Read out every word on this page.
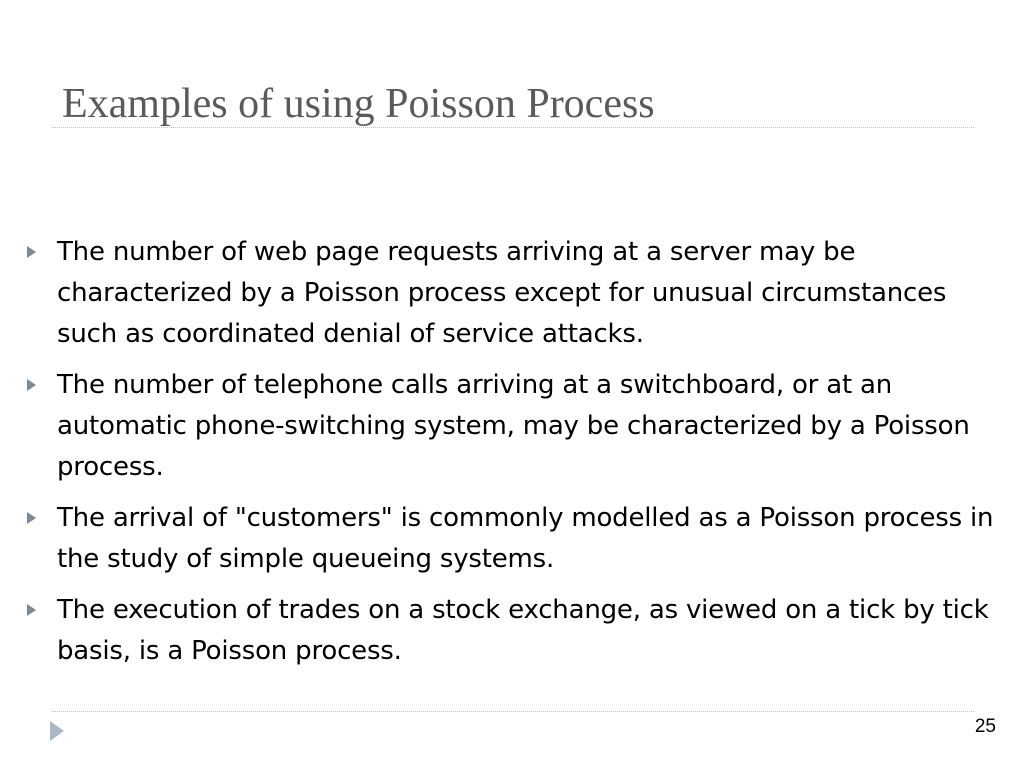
Examples of using Poisson Process
The number of web page requests arriving at a server may be characterized by a Poisson process except for unusual circumstances such as coordinated denial of service attacks.
The number of telephone calls arriving at a switchboard, or at an automatic phone-switching system, may be characterized by a Poisson process.
The arrival of "customers" is commonly modelled as a Poisson process in the study of simple queueing systems.
The execution of trades on a stock exchange, as viewed on a tick by tick basis, is a Poisson process.
25
